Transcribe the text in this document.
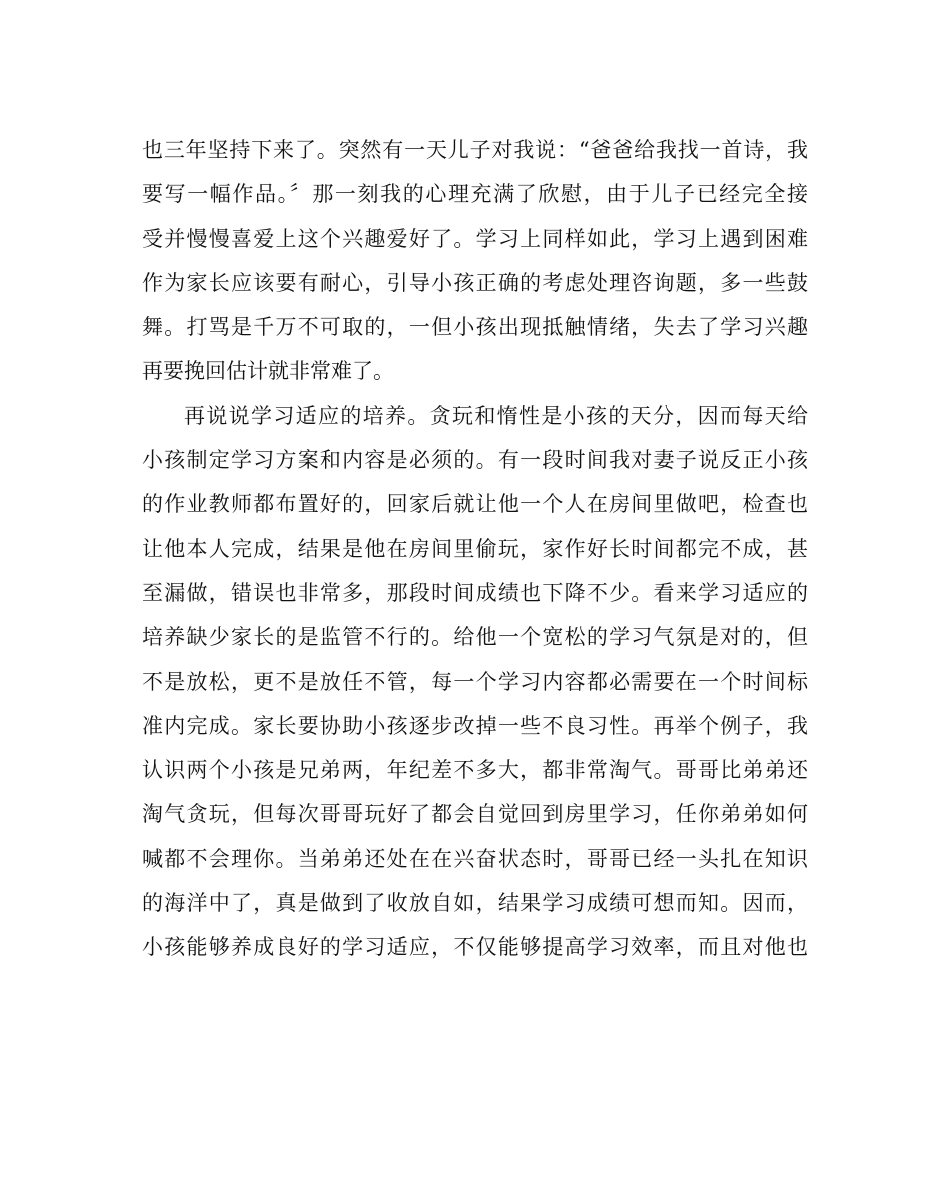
也三年坚持下来了。突然有一天儿子对我说：“爸爸给我找一首诗，我
要写一幅作品。〞那一刻我的心理充满了欣慰，由于儿子已经完全接
受并慢慢喜爱上这个兴趣爱好了。学习上同样如此，学习上遇到困难
作为家长应该要有耐心，引导小孩正确的考虑处理咨询题，多一些鼓
舞。打骂是千万不可取的，一但小孩出现抵触情绪，失去了学习兴趣
再要挽回估计就非常难了。
再说说学习适应的培养。贪玩和惰性是小孩的天分，因而每天给
小孩制定学习方案和内容是必须的。有一段时间我对妻子说反正小孩
的作业教师都布置好的，回家后就让他一个人在房间里做吧，检查也
让他本人完成，结果是他在房间里偷玩，家作好长时间都完不成，甚
至漏做，错误也非常多，那段时间成绩也下降不少。看来学习适应的
培养缺少家长的是监管不行的。给他一个宽松的学习气氛是对的，但
不是放松，更不是放任不管，每一个学习内容都必需要在一个时间标
准内完成。家长要协助小孩逐步改掉一些不良习性。再举个例子，我
认识两个小孩是兄弟两，年纪差不多大，都非常淘气。哥哥比弟弟还
淘气贪玩，但每次哥哥玩好了都会自觉回到房里学习，任你弟弟如何
喊都不会理你。当弟弟还处在在兴奋状态时，哥哥已经一头扎在知识
的海洋中了，真是做到了收放自如，结果学习成绩可想而知。因而，
小孩能够养成良好的学习适应，不仅能够提高学习效率，而且对他也
